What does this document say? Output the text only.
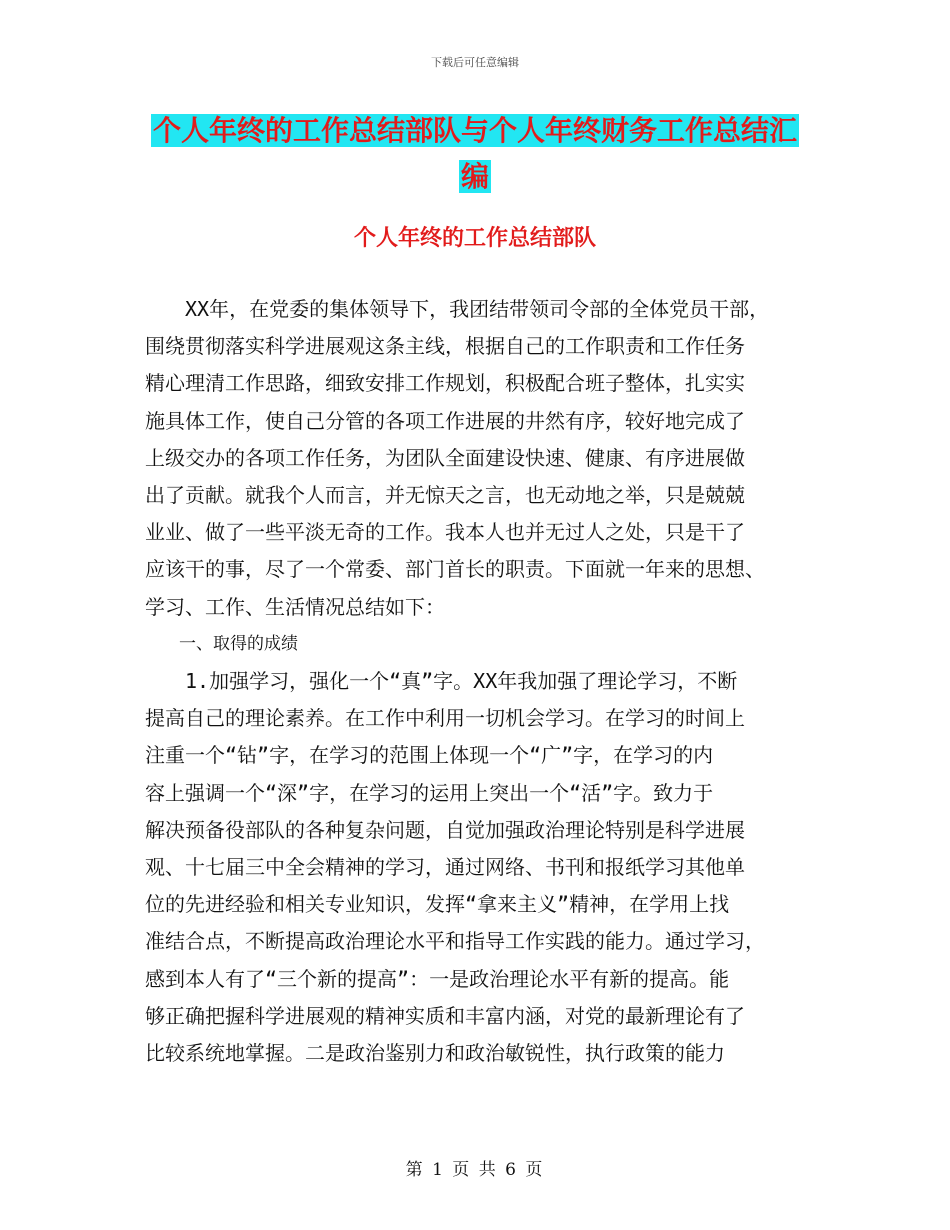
下载后可任意编辑
个人年终的工作总结部队与个人年终财务工作总结汇
编
个人年终的工作总结部队
　　XX年，在党委的集体领导下，我团结带领司令部的全体党员干部，
围绕贯彻落实科学进展观这条主线，根据自己的工作职责和工作任务
精心理清工作思路，细致安排工作规划，积极配合班子整体，扎实实
施具体工作，使自己分管的各项工作进展的井然有序，较好地完成了
上级交办的各项工作任务，为团队全面建设快速、健康、有序进展做
出了贡献。就我个人而言，并无惊天之言，也无动地之举，只是兢兢
业业、做了一些平淡无奇的工作。我本人也并无过人之处，只是干了
应该干的事，尽了一个常委、部门首长的职责。下面就一年来的思想、
学习、工作、生活情况总结如下：
　　一、取得的成绩
　　1.加强学习，强化一个“真”字。XX年我加强了理论学习，不断
提高自己的理论素养。在工作中利用一切机会学习。在学习的时间上
注重一个“钻”字，在学习的范围上体现一个“广”字，在学习的内
容上强调一个“深”字，在学习的运用上突出一个“活”字。致力于
解决预备役部队的各种复杂问题，自觉加强政治理论特别是科学进展
观、十七届三中全会精神的学习，通过网络、书刊和报纸学习其他单
位的先进经验和相关专业知识，发挥“拿来主义”精神，在学用上找
准结合点，不断提高政治理论水平和指导工作实践的能力。通过学习，
感到本人有了“三个新的提高”：一是政治理论水平有新的提高。能
够正确把握科学进展观的精神实质和丰富内涵，对党的最新理论有了
比较系统地掌握。二是政治鉴别力和政治敏锐性，执行政策的能力
第 1 页 共 6 页
